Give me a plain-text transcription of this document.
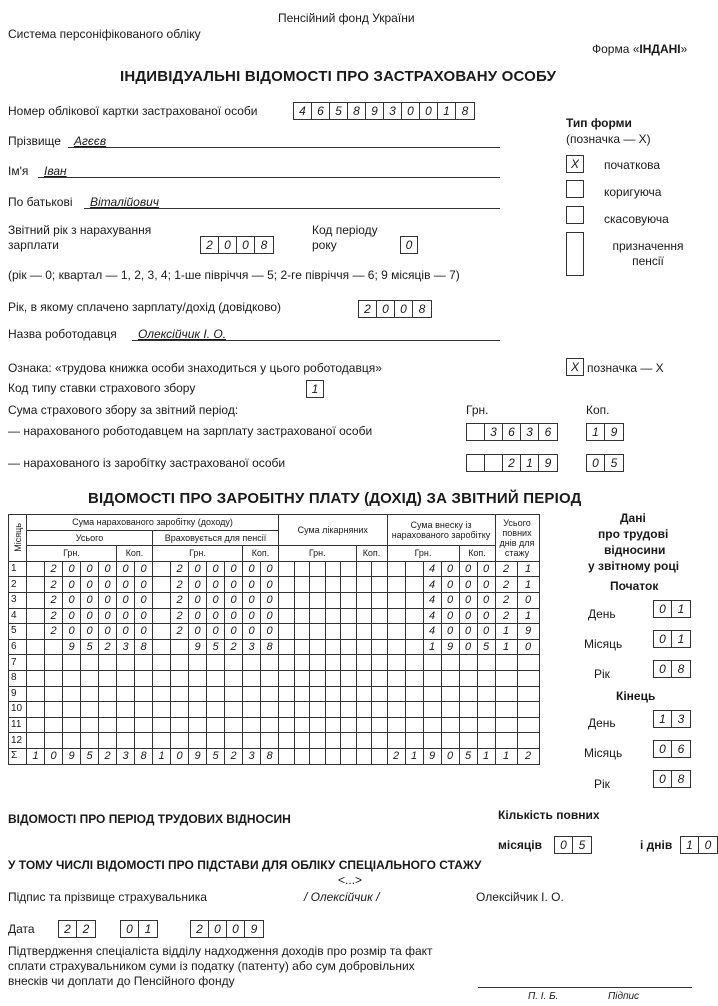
Пенсійний фонд України
Система персонiфiкованого облiку
Форма «ІНДАНІ»
ІНДИВІДУАЛЬНІ ВІДОМОСТІ ПРО ЗАСТРАХОВАНУ ОСОБУ
Номер облікової картки застрахованої особи	4 6 5 8 9 3 0 0 1 8
Прізвище Агєєв
Ім'я Іван
По батькові Віталійович
Звітний рік з нарахування
зарплати	2 0 0 8
Код періоду
року	0
(рік — 0; квартал — 1, 2, 3, 4; 1-ше півріччя — 5; 2-ге півріччя — 6; 9 місяців — 7)
Рік, в якому сплачено зарплату/дохід (довідково)	2 0 0 8
Назва роботодавця Олексійчик І. О.
Тип форми
(позначка — X)
X	початкова
коригуюча
скасовуюча
призначення пенсії
Ознака: «трудова книжка особи знаходиться у цього роботодавця»	X позначка — X
Код типу ставки страхового збору	1
Сума страхового збору за звітний період:	Грн.	Коп.
— нарахованого роботодавцем на зарплату застрахованої особи	3 6 3 6	1 9
— нарахованого із заробітку застрахованої особи	2 1 9	0 5
ВІДОМОСТІ ПРО ЗАРОБІТНУ ПЛАТУ (ДОХІД) ЗА ЗВІТНИЙ ПЕРІОД
Місяць	Сума нарахованого заробітку (доходу)														Сума лікарняних							Сума внеску із нарахованого заробітку						Усього повних днів для стажу	
	Усього							Враховується для пенсії																					
	Грн.					Коп.		Грн.					Коп.		Грн.					Коп.		Грн.				Коп.			
1		2	0	0	0	0	0		2	0	0	0	0	0										4	0	0	0	2	1
2		2	0	0	0	0	0		2	0	0	0	0	0										4	0	0	0	2	1
3		2	0	0	0	0	0		2	0	0	0	0	0										4	0	0	0	2	0
4		2	0	0	0	0	0		2	0	0	0	0	0										4	0	0	0	2	1
5		2	0	0	0	0	0		2	0	0	0	0	0										4	0	0	0	1	9
6			9	5	2	3	8			9	5	2	3	8										1	9	0	5	1	0
7																													
8																													
9																													
10																													
11																													
12																													
Σ	1	0	9	5	2	3	8	1	0	9	5	2	3	8								2	1	9	0	5	1	1	2
Дані
про трудові
відносини
у звітному році
Початок
День	0 1
Місяць	0 1
Рік	0 8
Кінець
День	1 3
Місяць	0 6
Рік	0 8
ВІДОМОСТІ ПРО ПЕРІОД ТРУДОВИХ ВІДНОСИН	Кількість повних
місяців	0 5	і днів	1 0
У ТОМУ ЧИСЛІ ВІДОМОСТІ ПРО ПІДСТАВИ ДЛЯ ОБЛІКУ СПЕЦІАЛЬНОГО СТАЖУ
<...>
Підпис та прізвище страхувальника	/ Олексійчик /	Олексійчик І. О.
Дата	2 2	0 1	2 0 0 9
Підтвердження спеціаліста відділу надходження доходів про розмір та факт
сплати страхувальником суми із податку (патенту) або сум добровільних
внесків чи доплати до Пенсійного фонду
П. І. Б.	Підпис
